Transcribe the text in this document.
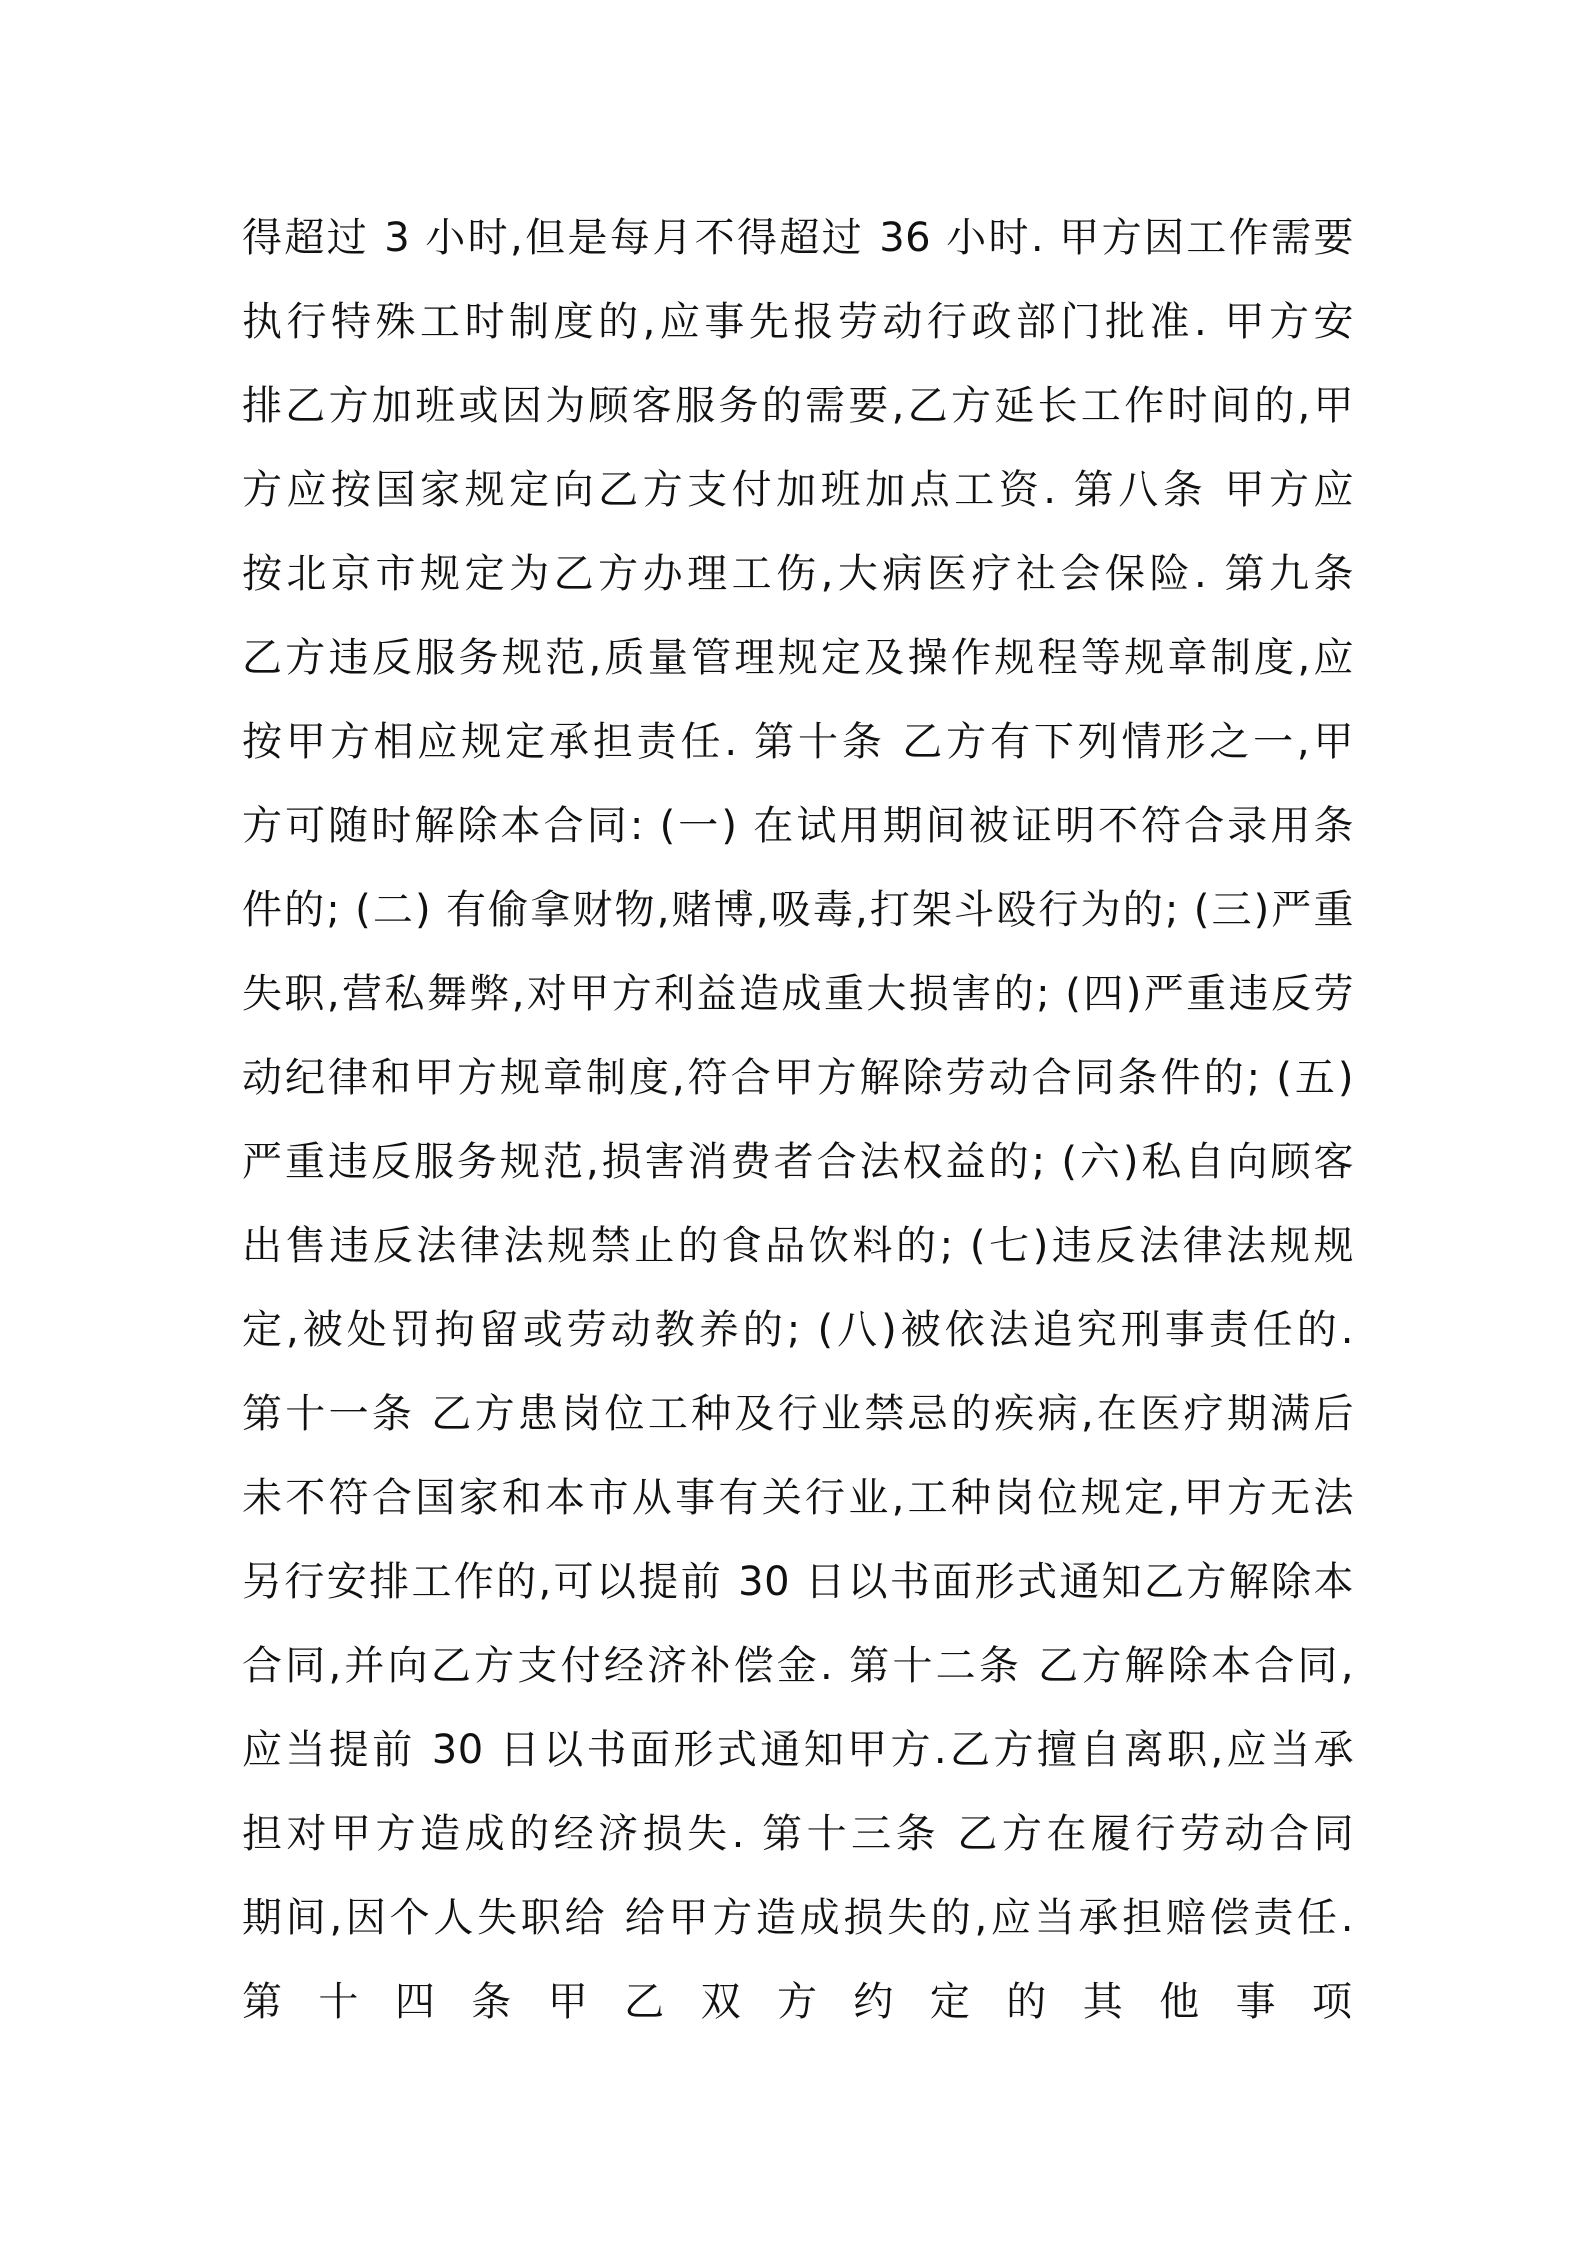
得超过 3 小时,但是每月不得超过 36 小时. 甲方因工作需要
执行特殊工时制度的,应事先报劳动行政部门批准. 甲方安
排乙方加班或因为顾客服务的需要,乙方延长工作时间的,甲
方应按国家规定向乙方支付加班加点工资. 第八条 甲方应
按北京市规定为乙方办理工伤,大病医疗社会保险. 第九条
乙方违反服务规范,质量管理规定及操作规程等规章制度,应
按甲方相应规定承担责任. 第十条 乙方有下列情形之一,甲
方可随时解除本合同: (一) 在试用期间被证明不符合录用条
件的; (二) 有偷拿财物,赌博,吸毒,打架斗殴行为的; (三)严重
失职,营私舞弊,对甲方利益造成重大损害的; (四)严重违反劳
动纪律和甲方规章制度,符合甲方解除劳动合同条件的; (五)
严重违反服务规范,损害消费者合法权益的; (六)私自向顾客
出售违反法律法规禁止的食品饮料的; (七)违反法律法规规
定,被处罚拘留或劳动教养的; (八)被依法追究刑事责任的.
第十一条 乙方患岗位工种及行业禁忌的疾病,在医疗期满后
未不符合国家和本市从事有关行业,工种岗位规定,甲方无法
另行安排工作的,可以提前 30 日以书面形式通知乙方解除本
合同,并向乙方支付经济补偿金. 第十二条 乙方解除本合同,
应当提前 30 日以书面形式通知甲方.乙方擅自离职,应当承
担对甲方造成的经济损失. 第十三条 乙方在履行劳动合同
期间,因个人失职给 给甲方造成损失的,应当承担赔偿责任.
第 十 四 条 甲 乙 双 方 约 定 的 其 他 事 项
